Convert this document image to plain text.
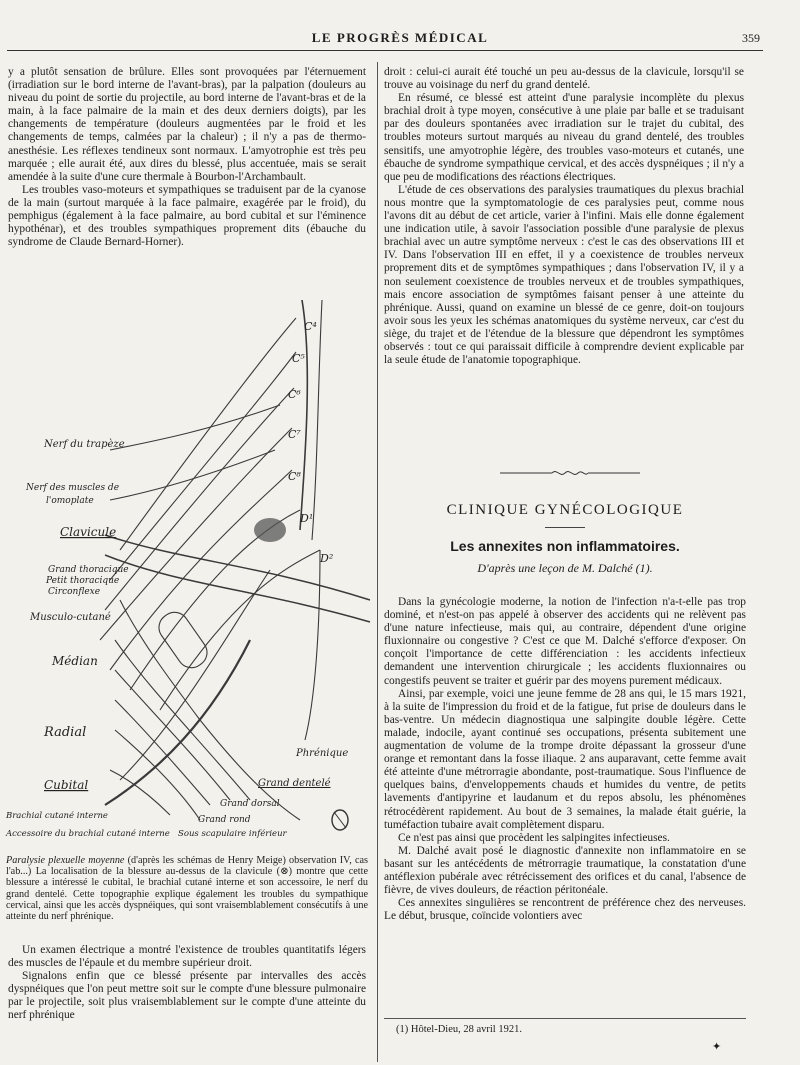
LE PROGRÈS MÉDICAL	359

y a plutôt sensation de brûlure. Elles sont provoquées par l'éternuement (irradiation sur le bord interne de l'avant-bras), par la palpation (douleurs au niveau du point de sortie du projectile, au bord interne de l'avant-bras et de la main, à la face palmaire de la main et des deux derniers doigts), par les changements de température (douleurs augmentées par le froid et les changements de temps, calmées par la chaleur) ; il n'y a pas de thermo-anesthésie. Les réflexes tendineux sont normaux. L'amyotrophie est très peu marquée ; elle aurait été, aux dires du blessé, plus accentuée, mais se serait amendée à la suite d'une cure thermale à Bourbon-l'Archambault.

Les troubles vaso-moteurs et sympathiques se traduisent par de la cyanose de la main (surtout marquée à la face palmaire, exagérée par le froid), du pemphigus (également à la face palmaire, au bord cubital et sur l'éminence hypothénar), et des troubles sympathiques proprement dits (ébauche du syndrome de Claude Bernard-Horner).

C⁴
C⁵
C⁶
C⁷
C⁸
D¹
D²
Nerf du trapèze
Nerf des muscles de
l'omoplate
Clavicule
Grand thoracique
Petit thoracique
Circonflexe
Musculo-cutané
Médian
Radial
Cubital
Brachial cutané interne
Accessoire du brachial cutané interne Sous scapulaire inférieur
Grand rond
Grand dorsal
Grand dentelé
Phrénique
Paralysie plexuelle moyenne (d'après les schémas de Henry Meige) observation IV, cas l'ab...) La localisation de la blessure au-dessus de la clavicule (⊗) montre que cette blessure a intéressé le cubital, le brachial cutané interne et son accessoire, le nerf du grand dentelé. Cette topographie explique également les troubles du sympathique cervical, ainsi que les accès dyspnéiques, qui sont vraisemblablement consécutifs à une atteinte du nerf phrénique.

Un examen électrique a montré l'existence de troubles quantitatifs légers des muscles de l'épaule et du membre supérieur droit.

Signalons enfin que ce blessé présente par intervalles des accès dyspnéiques que l'on peut mettre soit sur le compte d'une blessure pulmonaire par le projectile, soit plus vraisemblablement sur le compte d'une atteinte du nerf phrénique

droit : celui-ci aurait été touché un peu au-dessus de la clavicule, lorsqu'il se trouve au voisinage du nerf du grand dentelé.

En résumé, ce blessé est atteint d'une paralysie incomplète du plexus brachial droit à type moyen, consécutive à une plaie par balle et se traduisant par des douleurs spontanées avec irradiation sur le trajet du cubital, des troubles moteurs surtout marqués au niveau du grand dentelé, des troubles sensitifs, une amyotrophie légère, des troubles vaso-moteurs et cutanés, une ébauche de syndrome sympathique cervical, et des accès dyspnéiques ; il n'y a que peu de modifications des réactions électriques.

L'étude de ces observations des paralysies traumatiques du plexus brachial nous montre que la symptomatologie de ces paralysies peut, comme nous l'avons dit au début de cet article, varier à l'infini. Mais elle donne également une indication utile, à savoir l'association possible d'une paralysie de plexus brachial avec un autre symptôme nerveux : c'est le cas des observations III et IV. Dans l'observation III en effet, il y a coexistence de troubles nerveux proprement dits et de symptômes sympathiques ; dans l'observation IV, il y a non seulement coexistence de troubles nerveux et de troubles sympathiques, mais encore association de symptômes faisant penser à une atteinte du phrénique. Aussi, quand on examine un blessé de ce genre, doit-on toujours avoir sous les yeux les schémas anatomiques du système nerveux, car c'est du siège, du trajet et de l'étendue de la blessure que dépendront les symptômes observés : tout ce qui paraissait difficile à comprendre devient explicable par la seule étude de l'anatomie topographique.

CLINIQUE GYNÉCOLOGIQUE
Les annexites non inflammatoires.
D'après une leçon de M. Dalché (1).

Dans la gynécologie moderne, la notion de l'infection n'a-t-elle pas trop dominé, et n'est-on pas appelé à observer des accidents qui ne relèvent pas d'une nature infectieuse, mais qui, au contraire, dépendent d'une origine fluxionnaire ou congestive ? C'est ce que M. Dalché s'efforce d'exposer. On conçoit l'importance de cette différenciation : les accidents infectieux demandent une intervention chirurgicale ; les accidents fluxionnaires ou congestifs peuvent se traiter et guérir par des moyens purement médicaux.

Ainsi, par exemple, voici une jeune femme de 28 ans qui, le 15 mars 1921, à la suite de l'impression du froid et de la fatigue, fut prise de douleurs dans le bas-ventre. Un médecin diagnostiqua une salpingite double légère. Cette malade, indocile, ayant continué ses occupations, présenta subitement une augmentation de volume de la trompe droite dépassant la grosseur d'une orange et remontant dans la fosse iliaque. 2 ans auparavant, cette femme avait été atteinte d'une métrorragie abondante, post-traumatique. Sous l'influence de quelques bains, d'enveloppements chauds et humides du ventre, de petits lavements d'antipyrine et laudanum et du repos absolu, les phénomènes rétrocédèrent rapidement. Au bout de 3 semaines, la malade était guérie, la tuméfaction tubaire avait complètement disparu.

Ce n'est pas ainsi que procèdent les salpingites infectieuses.

M. Dalché avait posé le diagnostic d'annexite non inflammatoire en se basant sur les antécédents de métrorragie traumatique, la constatation d'une antéflexion pubérale avec rétrécissement des orifices et du canal, l'absence de fièvre, de vives douleurs, de réaction péritonéale.

Ces annexites singulières se rencontrent de préférence chez des nerveuses. Le début, brusque, coïncide volontiers avec

(1) Hôtel-Dieu, 28 avril 1921.
✦
